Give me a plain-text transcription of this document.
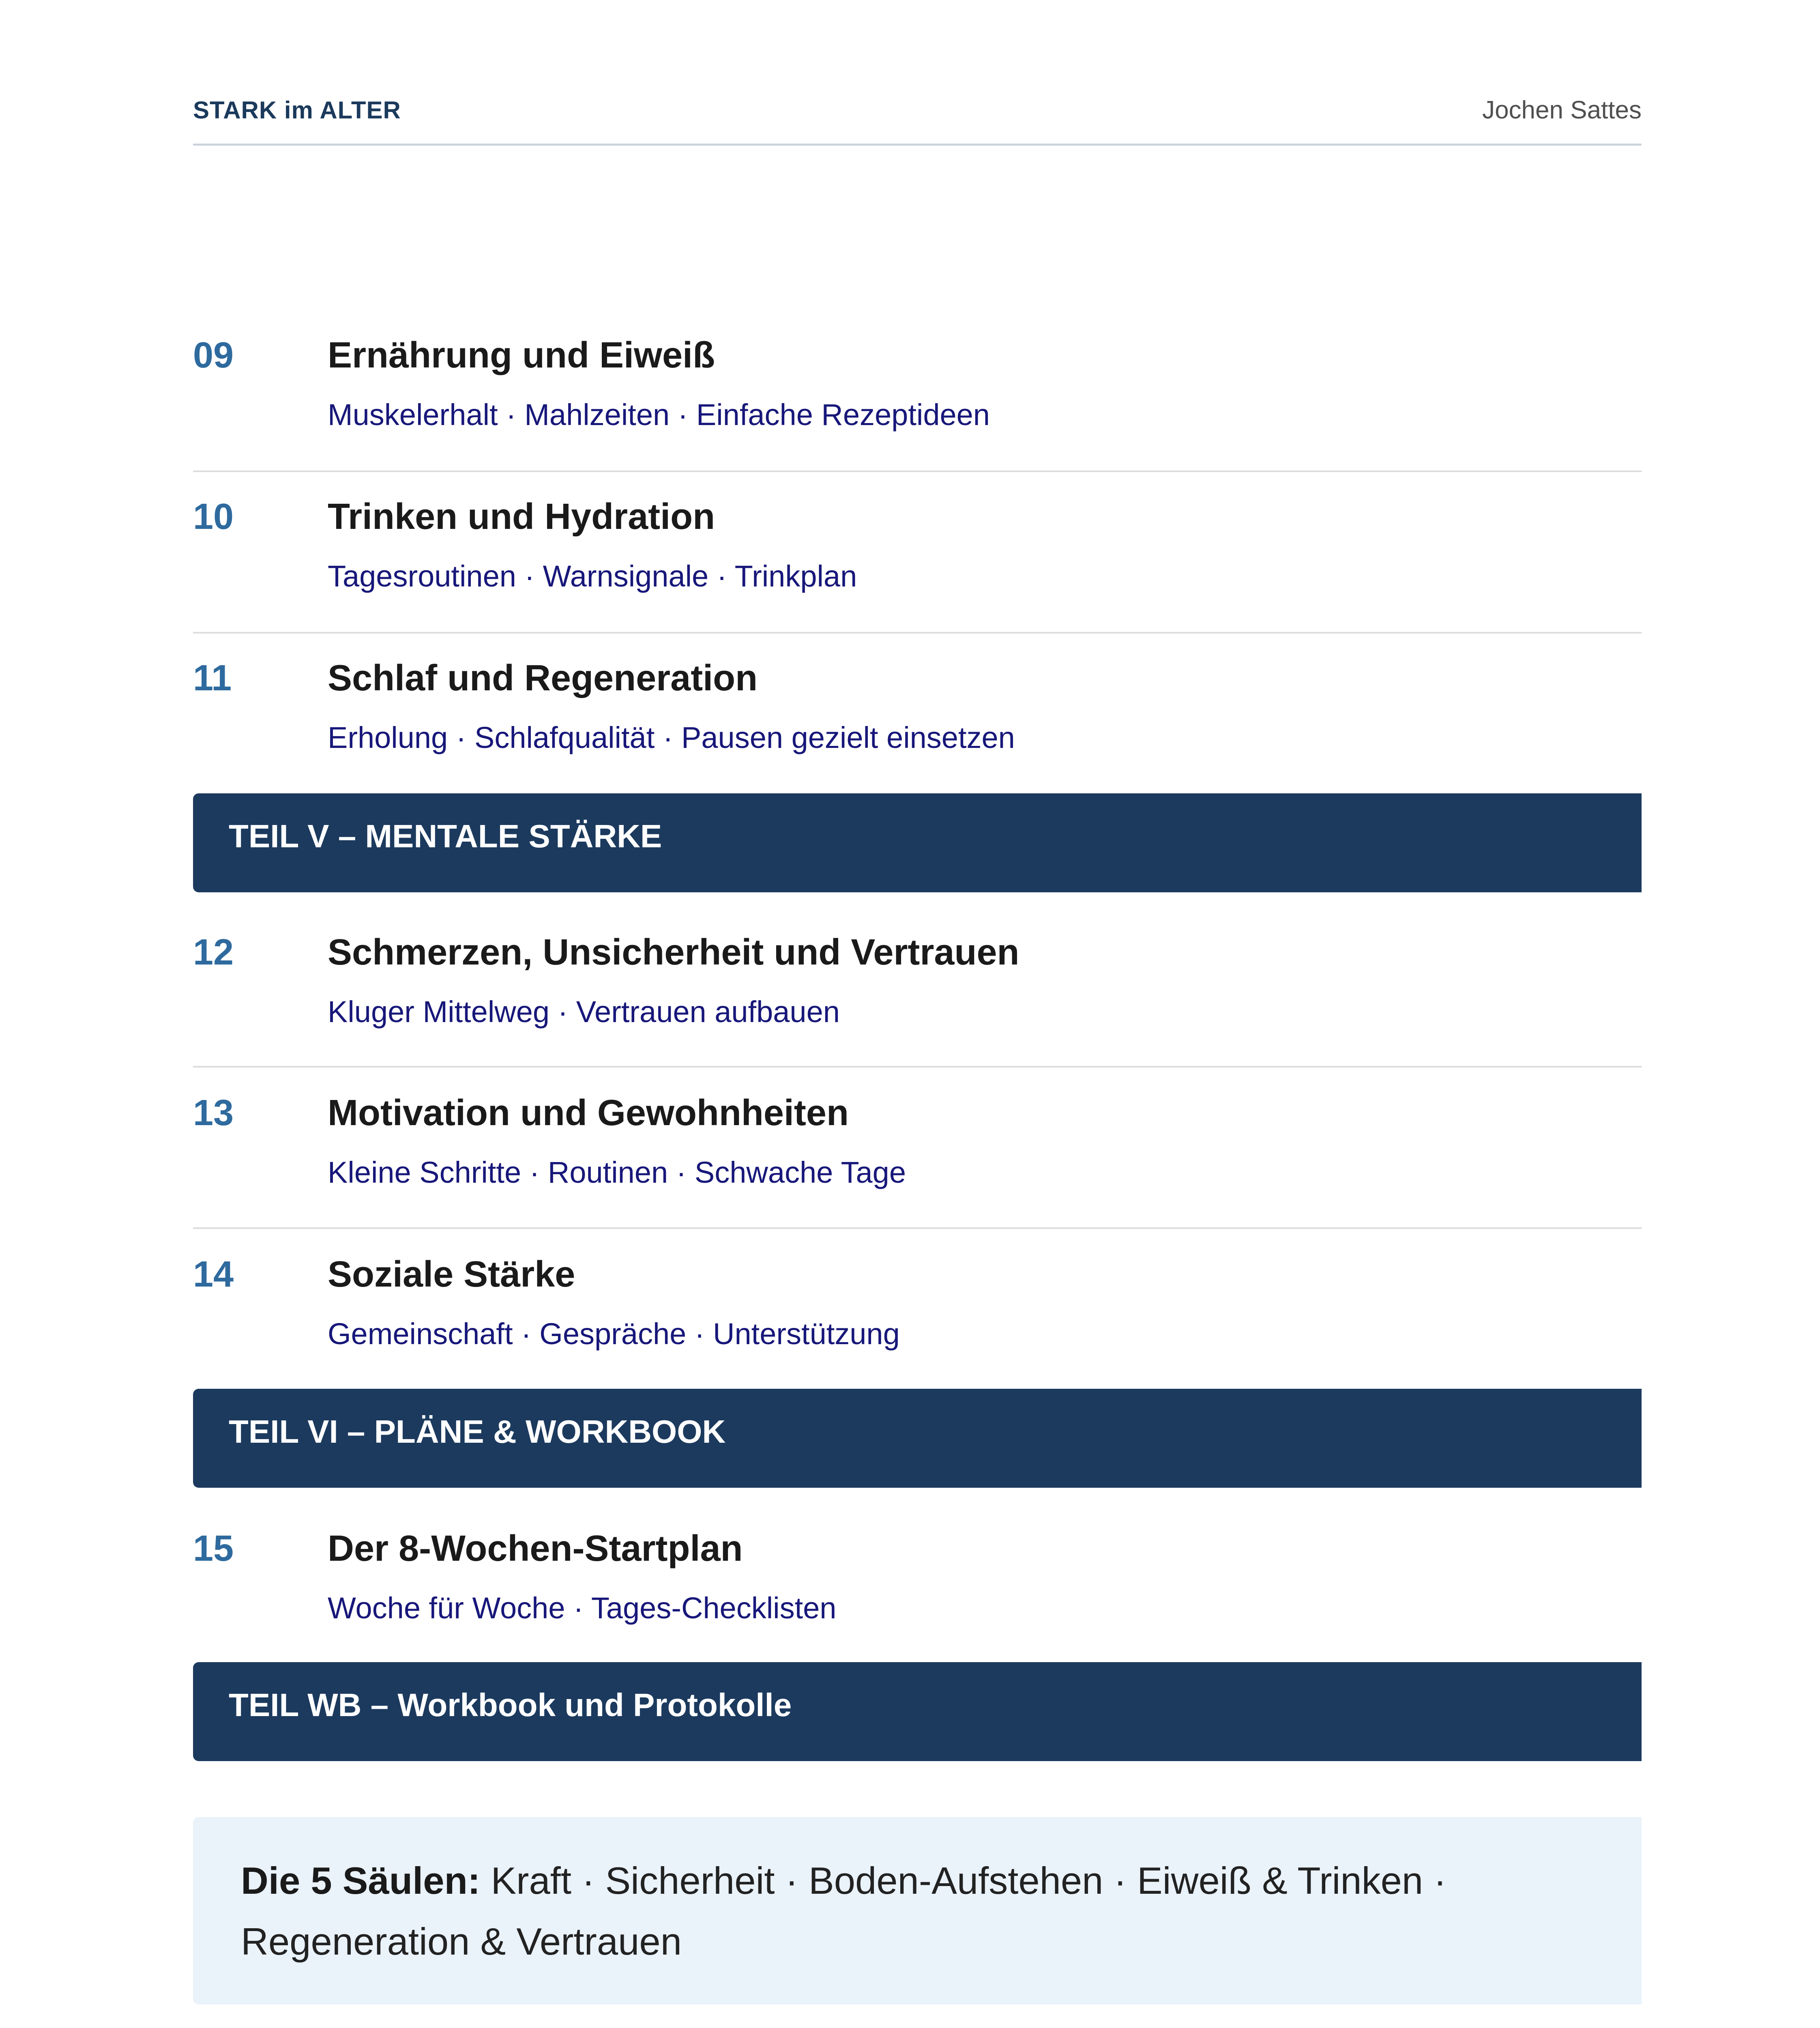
STARK im ALTER	Jochen Sattes
09	Ernährung und Eiweiß
Muskelerhalt · Mahlzeiten · Einfache Rezeptideen
10	Trinken und Hydration
Tagesroutinen · Warnsignale · Trinkplan
11	Schlaf und Regeneration
Erholung · Schlafqualität · Pausen gezielt einsetzen
TEIL V – MENTALE STÄRKE
12	Schmerzen, Unsicherheit und Vertrauen
Kluger Mittelweg · Vertrauen aufbauen
13	Motivation und Gewohnheiten
Kleine Schritte · Routinen · Schwache Tage
14	Soziale Stärke
Gemeinschaft · Gespräche · Unterstützung
TEIL VI – PLÄNE & WORKBOOK
15	Der 8-Wochen-Startplan
Woche für Woche · Tages-Checklisten
TEIL WB – Workbook und Protokolle
Die 5 Säulen: Kraft · Sicherheit · Boden-Aufstehen · Eiweiß & Trinken · Regeneration & Vertrauen
